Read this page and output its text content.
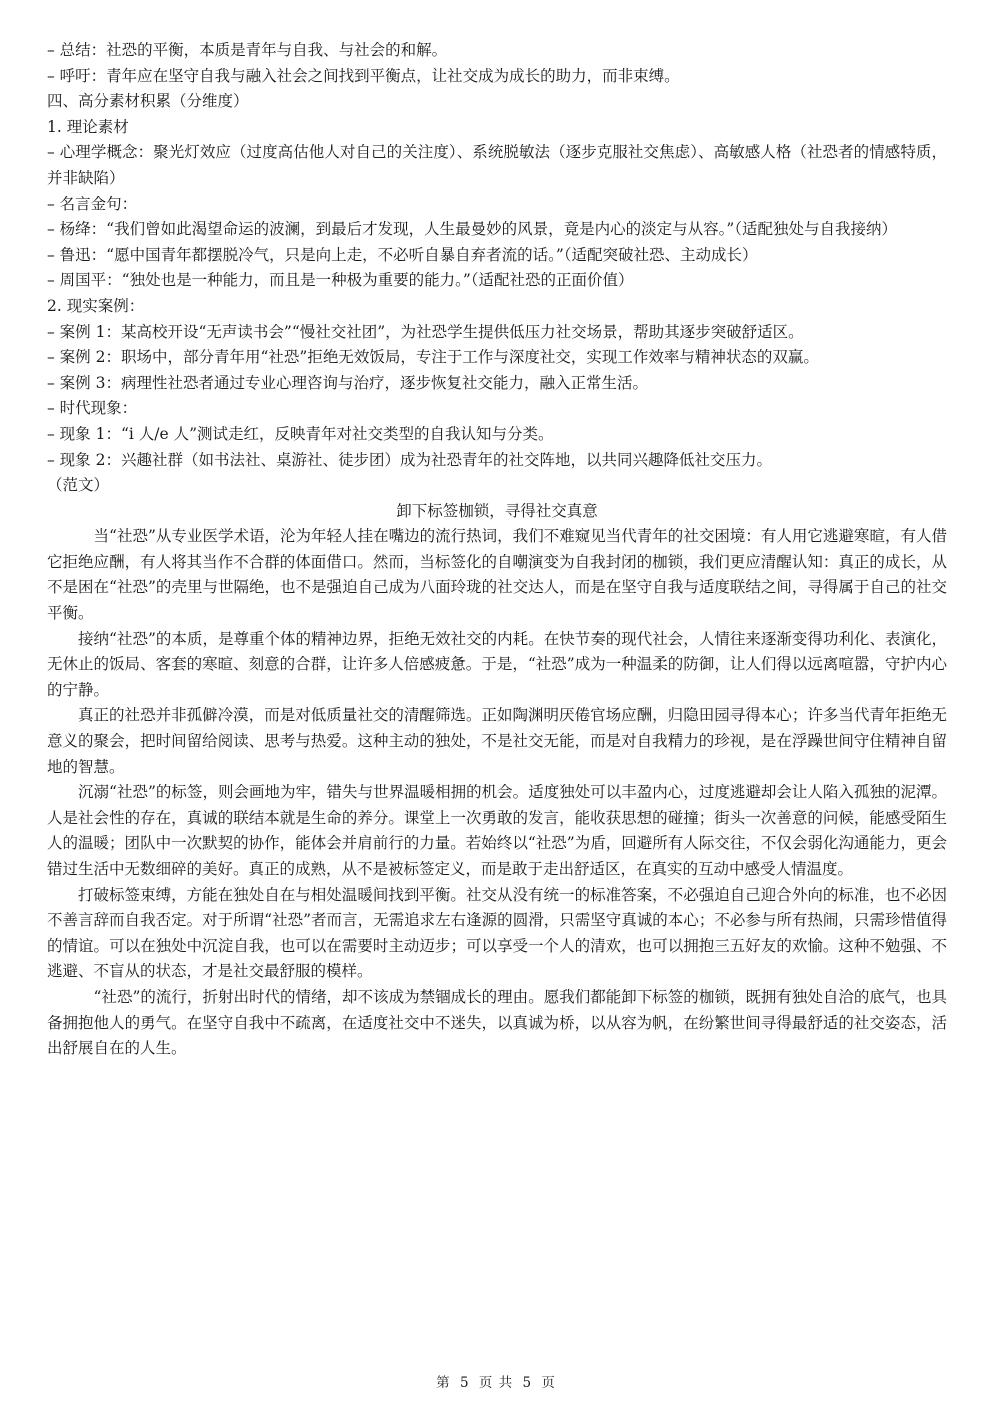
– 总结：社恐的平衡，本质是青年与自我、与社会的和解。

– 呼吁：青年应在坚守自我与融入社会之间找到平衡点，让社交成为成长的助力，而非束缚。

四、高分素材积累（分维度）

1. 理论素材

– 心理学概念：聚光灯效应（过度高估他人对自己的关注度）、系统脱敏法（逐步克服社交焦虑）、高敏感人格（社恐者的情感特质，并非缺陷）

– 名言金句：

– 杨绛：“我们曾如此渴望命运的波澜，到最后才发现，人生最曼妙的风景，竟是内心的淡定与从容。”（适配独处与自我接纳）

– 鲁迅：“愿中国青年都摆脱冷气，只是向上走，不必听自暴自弃者流的话。”（适配突破社恐、主动成长）

– 周国平：“独处也是一种能力，而且是一种极为重要的能力。”（适配社恐的正面价值）

2. 现实案例：

– 案例 1：某高校开设“无声读书会”“慢社交社团”，为社恐学生提供低压力社交场景，帮助其逐步突破舒适区。

– 案例 2：职场中，部分青年用“社恐”拒绝无效饭局，专注于工作与深度社交，实现工作效率与精神状态的双赢。

– 案例 3：病理性社恐者通过专业心理咨询与治疗，逐步恢复社交能力，融入正常生活。

– 时代现象：

– 现象 1：“i 人/e 人”测试走红，反映青年对社交类型的自我认知与分类。

– 现象 2：兴趣社群（如书法社、桌游社、徒步团）成为社恐青年的社交阵地，以共同兴趣降低社交压力。

（范文）

卸下标签枷锁，寻得社交真意

当“社恐”从专业医学术语，沦为年轻人挂在嘴边的流行热词，我们不难窥见当代青年的社交困境：有人用它逃避寒暄，有人借它拒绝应酬，有人将其当作不合群的体面借口。然而，当标签化的自嘲演变为自我封闭的枷锁，我们更应清醒认知：真正的成长，从不是困在“社恐”的壳里与世隔绝，也不是强迫自己成为八面玲珑的社交达人，而是在坚守自我与适度联结之间，寻得属于自己的社交平衡。

接纳“社恐”的本质，是尊重个体的精神边界，拒绝无效社交的内耗。在快节奏的现代社会，人情往来逐渐变得功利化、表演化，无休止的饭局、客套的寒暄、刻意的合群，让许多人倍感疲惫。于是，“社恐”成为一种温柔的防御，让人们得以远离喧嚣，守护内心的宁静。

真正的社恐并非孤僻冷漠，而是对低质量社交的清醒筛选。正如陶渊明厌倦官场应酬，归隐田园寻得本心；许多当代青年拒绝无意义的聚会，把时间留给阅读、思考与热爱。这种主动的独处，不是社交无能，而是对自我精力的珍视，是在浮躁世间守住精神自留地的智慧。

沉溺“社恐”的标签，则会画地为牢，错失与世界温暖相拥的机会。适度独处可以丰盈内心，过度逃避却会让人陷入孤独的泥潭。人是社会性的存在，真诚的联结本就是生命的养分。课堂上一次勇敢的发言，能收获思想的碰撞；街头一次善意的问候，能感受陌生人的温暖；团队中一次默契的协作，能体会并肩前行的力量。若始终以“社恐”为盾，回避所有人际交往，不仅会弱化沟通能力，更会错过生活中无数细碎的美好。真正的成熟，从不是被标签定义，而是敢于走出舒适区，在真实的互动中感受人情温度。

打破标签束缚，方能在独处自在与相处温暖间找到平衡。社交从没有统一的标准答案，不必强迫自己迎合外向的标准，也不必因不善言辞而自我否定。对于所谓“社恐”者而言，无需追求左右逢源的圆滑，只需坚守真诚的本心；不必参与所有热闹，只需珍惜值得的情谊。可以在独处中沉淀自我，也可以在需要时主动迈步；可以享受一个人的清欢，也可以拥抱三五好友的欢愉。这种不勉强、不逃避、不盲从的状态，才是社交最舒服的模样。

“社恐”的流行，折射出时代的情绪，却不该成为禁锢成长的理由。愿我们都能卸下标签的枷锁，既拥有独处自洽的底气，也具备拥抱他人的勇气。在坚守自我中不疏离，在适度社交中不迷失，以真诚为桥，以从容为帆，在纷繁世间寻得最舒适的社交姿态，活出舒展自在的人生。

第 5 页 共 5 页
